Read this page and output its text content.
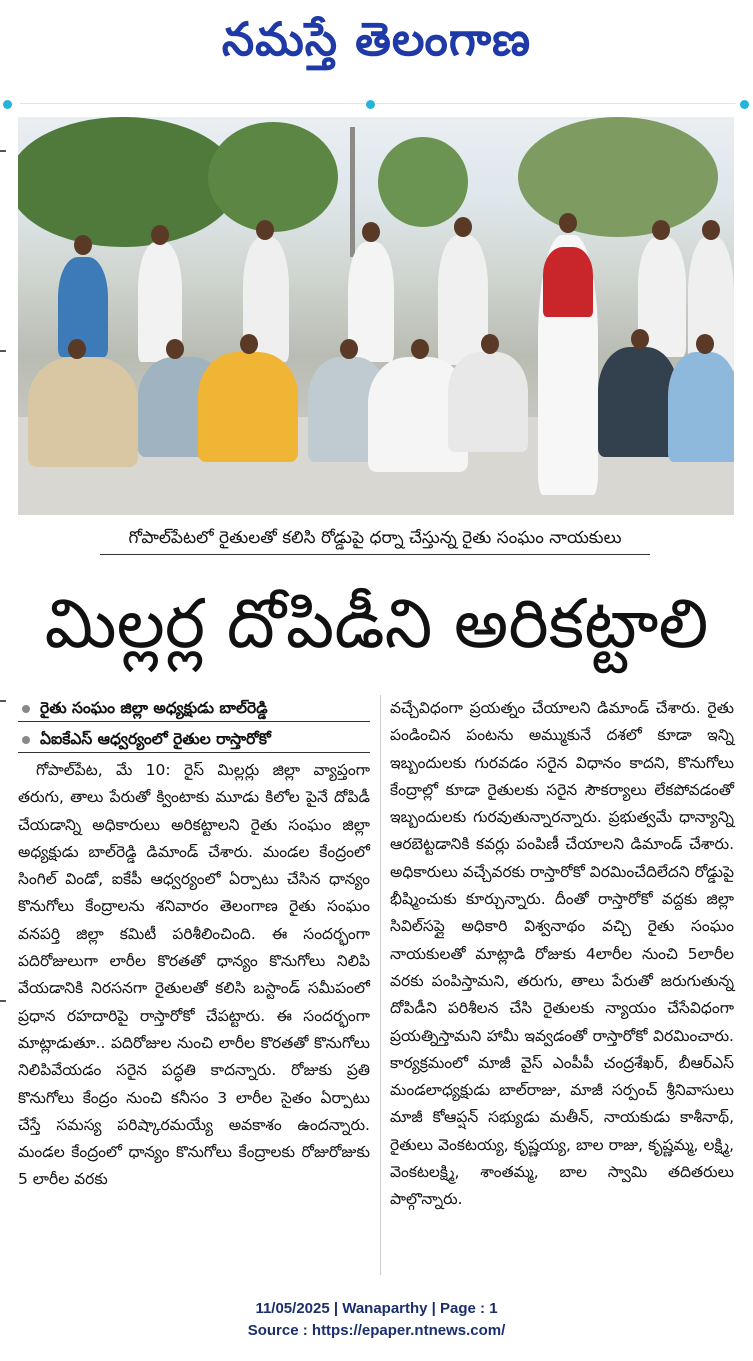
నమస్తే తెలంగాణ
గోపాల్‌పేటలో రైతులతో కలిసి రోడ్డుపై ధర్నా చేస్తున్న రైతు సంఘం నాయకులు
మిల్లర్ల దోపిడీని అరికట్టాలి
రైతు సంఘం జిల్లా అధ్యక్షుడు బాల్‌రెడ్డి
ఏఐకేఎస్‌ ఆధ్వర్యంలో రైతుల రాస్తారోకో

గోపాల్‌పేట, మే 10: రైస్‌ మిల్లర్లు జిల్లా వ్యాప్తంగా తరుగు, తాలు పేరుతో క్వింటాకు మూడు కిలోల పైనే దోపిడీ చేయడాన్ని అధికారులు అరికట్టాలని రైతు సంఘం జిల్లా అధ్యక్షుడు బాల్‌రెడ్డి డిమాండ్‌ చేశారు. మండల కేంద్రంలో సింగిల్‌ విండో, ఐకేపీ ఆధ్వర్యంలో ఏర్పాటు చేసిన ధాన్యం కొనుగోలు కేంద్రాలను శనివారం తెలంగాణ రైతు సంఘం వనపర్తి జిల్లా కమిటీ పరిశీలించింది. ఈ సందర్భంగా పదిరోజులుగా లారీల కొరతతో ధాన్యం కొనుగోలు నిలిపి వేయడానికి నిరసనగా రైతులతో కలిసి బస్టాండ్‌ సమీపంలో ప్రధాన రహదారిపై రాస్తారోకో చేపట్టారు. ఈ సందర్భంగా మాట్లాడుతూ.. పదిరోజుల నుంచి లారీల కొరతతో కొనుగోలు నిలిపివేయడం సరైన పద్ధతి కాదన్నారు. రోజుకు ప్రతి కొనుగోలు కేంద్రం నుంచి కనీసం 3 లారీల సైతం ఏర్పాటు చేస్తే సమస్య పరిష్కారమయ్యే అవకాశం ఉందన్నారు. మండల కేంద్రంలో ధాన్యం కొనుగోలు కేంద్రాలకు రోజురోజుకు 5 లారీల వరకు

వచ్చేవిధంగా ప్రయత్నం చేయాలని డిమాండ్‌ చేశారు. రైతు పండించిన పంటను అమ్ముకునే దశలో కూడా ఇన్ని ఇబ్బందులకు గురవడం సరైన విధానం కాదని, కొనుగోలు కేంద్రాల్లో కూడా రైతులకు సరైన సౌకర్యాలు లేకపోవడంతో ఇబ్బందులకు గురవుతున్నారన్నారు. ప్రభుత్వమే ధాన్యాన్ని ఆరబెట్టడానికి కవర్లు పంపిణీ చేయాలని డిమాండ్‌ చేశారు. అధికారులు వచ్చేవరకు రాస్తారోకో విరమించేదిలేదని రోడ్డుపై భీష్మించుకు కూర్చున్నారు. దీంతో రాస్తారోకో వద్దకు జిల్లా సివిల్‌సప్లై అధికారి విశ్వనాథం వచ్చి రైతు సంఘం నాయకులతో మాట్లాడి రోజుకు 4లారీల నుంచి 5లారీల వరకు పంపిస్తామని, తరుగు, తాలు పేరుతో జరుగుతున్న దోపిడీని పరిశీలన చేసి రైతులకు న్యాయం చేసేవిధంగా ప్రయత్నిస్తామని హామీ ఇవ్వడంతో రాస్తారోకో విరమించారు. కార్యక్రమంలో మాజీ వైస్‌ ఎంపీపీ చంద్రశేఖర్‌, బీఆర్‌ఎస్‌ మండలాధ్యక్షుడు బాల్‌రాజు, మాజీ సర్పంచ్‌ శ్రీనివాసులు మాజీ కోఆప్షన్‌ సభ్యుడు మతీన్‌, నాయకుడు కాశీనాథ్‌, రైతులు వెంకటయ్య, కృష్ణయ్య, బాల రాజు, కృష్ణమ్మ, లక్ష్మి, వెంకటలక్ష్మి, శాంతమ్మ, బాల స్వామి తదితరులు పాల్గొన్నారు.

11/05/2025 | Wanaparthy | Page : 1
Source : https://epaper.ntnews.com/
